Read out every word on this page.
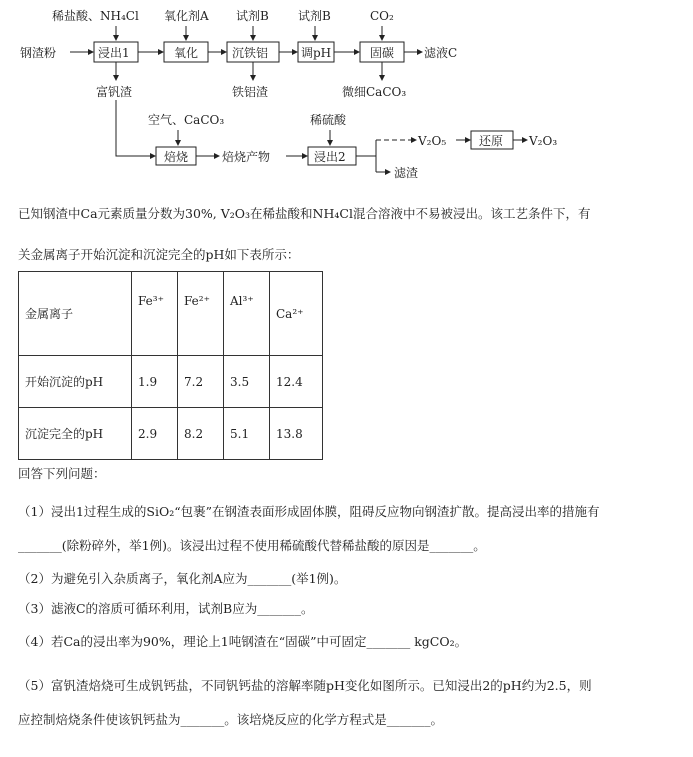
稀盐酸、NH₄Cl 氧化剂A 试剂B 试剂B	CO₂
钢渣粉	浸出1	氧化	沉铁铝	调pH	固碳 滤液C
富钒渣	铁铝渣	微细CaCO₃
空气、CaCO₃
焙烧	焙烧产物
稀硫酸
浸出2
V₂O₅	还原 V₂O₃
滤渣
已知钢渣中Ca元素质量分数为30%, V₂O₃在稀盐酸和NH₄Cl混合溶液中不易被浸出。该工艺条件下，有
关金属离子开始沉淀和沉淀完全的pH如下表所示：
金属离子	Fe³⁺	Fe²⁺	Al³⁺	Ca²⁺
开始沉淀的pH	1.9	7.2	3.5	12.4
沉淀完全的pH	2.9	8.2	5.1	13.8
回答下列问题：
（1）浸出1过程生成的SiO₂“包裹”在钢渣表面形成固体膜，阻碍反应物向钢渣扩散。提高浸出率的措施有
_______(除粉碎外，举1例)。该浸出过程不使用稀硫酸代替稀盐酸的原因是_______。
（2）为避免引入杂质离子，氧化剂A应为_______(举1例)。
（3）滤液C的溶质可循环利用，试剂B应为_______。
（4）若Ca的浸出率为90%，理论上1吨钢渣在“固碳”中可固定_______ kgCO₂。
（5）富钒渣焙烧可生成钒钙盐，不同钒钙盐的溶解率随pH变化如图所示。已知浸出2的pH约为2.5，则
应控制焙烧条件使该钒钙盐为_______。该培烧反应的化学方程式是_______。
